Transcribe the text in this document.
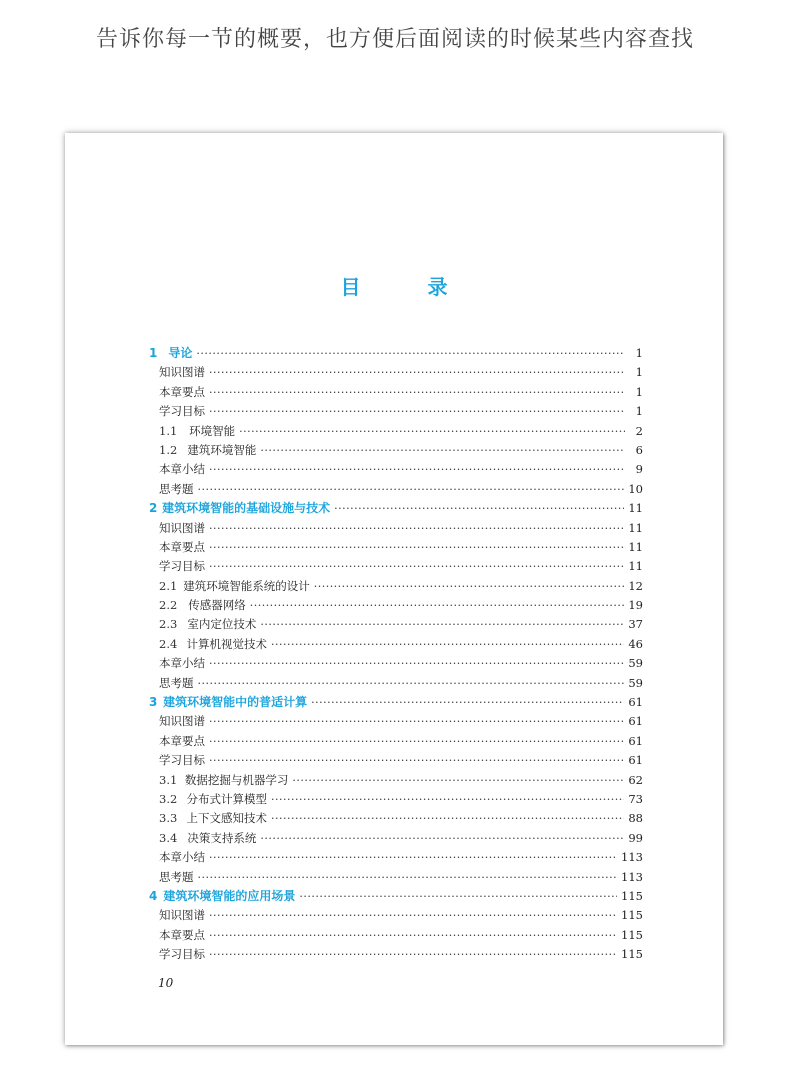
告诉你每一节的概要，也方便后面阅读的时候某些内容查找
目 录
1 导论 ·····	1
知识图谱 ·····	1
本章要点 ·····	1
学习目标 ·····	1
1.1	环境智能 ·····	2
1.2 建筑环境智能 ·····	6
本章小结 ·····	9
思考题 ·····	10
2 建筑环境智能的基础设施与技术 ·····	11
知识图谱 ·····	11
本章要点 ·····	11
学习目标 ·····	11
2.1 建筑环境智能系统的设计 ·····	12
2.2 传感器网络 ·····	19
2.3 室内定位技术 ·····	37
2.4 计算机视觉技术 ·····	46
本章小结 ·····	59
思考题 ·····	59
3 建筑环境智能中的普适计算 ·····	61
知识图谱 ·····	61
本章要点 ·····	61
学习目标 ·····	61
3.1 数据挖掘与机器学习 ·····	62
3.2 分布式计算模型 ·····	73
3.3 上下文感知技术 ·····	88
3.4 决策支持系统 ·····	99
本章小结 ·····	113
思考题 ·····	113
4 建筑环境智能的应用场景 ·····	115
知识图谱 ·····	115
本章要点 ·····	115
学习目标 ·····	115
10
